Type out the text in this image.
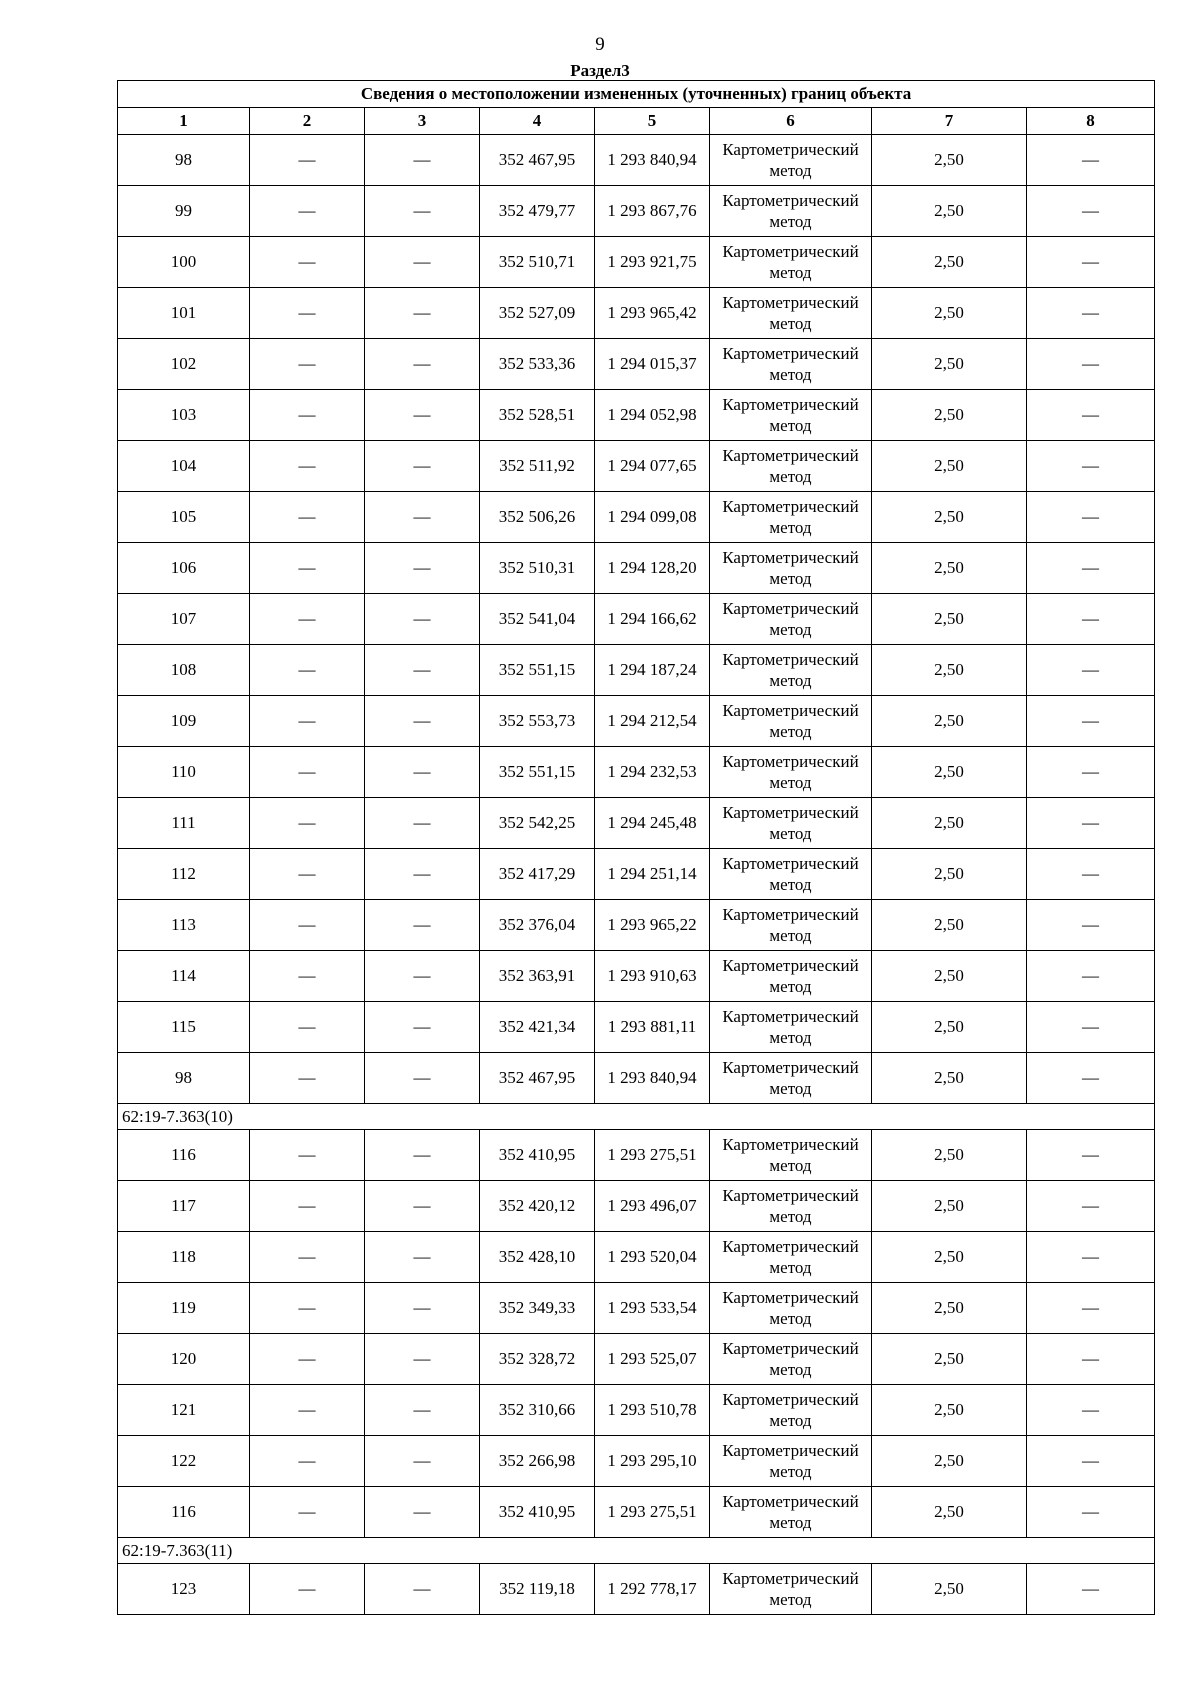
9
Раздел3
Сведения о местоположении измененных (уточненных) границ объекта							
1	2	3	4	5	6	7	8
98	—	—	352 467,95	1 293 840,94	Картометрический метод	2,50	—
99	—	—	352 479,77	1 293 867,76	Картометрический метод	2,50	—
100	—	—	352 510,71	1 293 921,75	Картометрический метод	2,50	—
101	—	—	352 527,09	1 293 965,42	Картометрический метод	2,50	—
102	—	—	352 533,36	1 294 015,37	Картометрический метод	2,50	—
103	—	—	352 528,51	1 294 052,98	Картометрический метод	2,50	—
104	—	—	352 511,92	1 294 077,65	Картометрический метод	2,50	—
105	—	—	352 506,26	1 294 099,08	Картометрический метод	2,50	—
106	—	—	352 510,31	1 294 128,20	Картометрический метод	2,50	—
107	—	—	352 541,04	1 294 166,62	Картометрический метод	2,50	—
108	—	—	352 551,15	1 294 187,24	Картометрический метод	2,50	—
109	—	—	352 553,73	1 294 212,54	Картометрический метод	2,50	—
110	—	—	352 551,15	1 294 232,53	Картометрический метод	2,50	—
111	—	—	352 542,25	1 294 245,48	Картометрический метод	2,50	—
112	—	—	352 417,29	1 294 251,14	Картометрический метод	2,50	—
113	—	—	352 376,04	1 293 965,22	Картометрический метод	2,50	—
114	—	—	352 363,91	1 293 910,63	Картометрический метод	2,50	—
115	—	—	352 421,34	1 293 881,11	Картометрический метод	2,50	—
98	—	—	352 467,95	1 293 840,94	Картометрический метод	2,50	—
62:19-7.363(10)							
116	—	—	352 410,95	1 293 275,51	Картометрический метод	2,50	—
117	—	—	352 420,12	1 293 496,07	Картометрический метод	2,50	—
118	—	—	352 428,10	1 293 520,04	Картометрический метод	2,50	—
119	—	—	352 349,33	1 293 533,54	Картометрический метод	2,50	—
120	—	—	352 328,72	1 293 525,07	Картометрический метод	2,50	—
121	—	—	352 310,66	1 293 510,78	Картометрический метод	2,50	—
122	—	—	352 266,98	1 293 295,10	Картометрический метод	2,50	—
116	—	—	352 410,95	1 293 275,51	Картометрический метод	2,50	—
62:19-7.363(11)							
123	—	—	352 119,18	1 292 778,17	Картометрический метод	2,50	—
